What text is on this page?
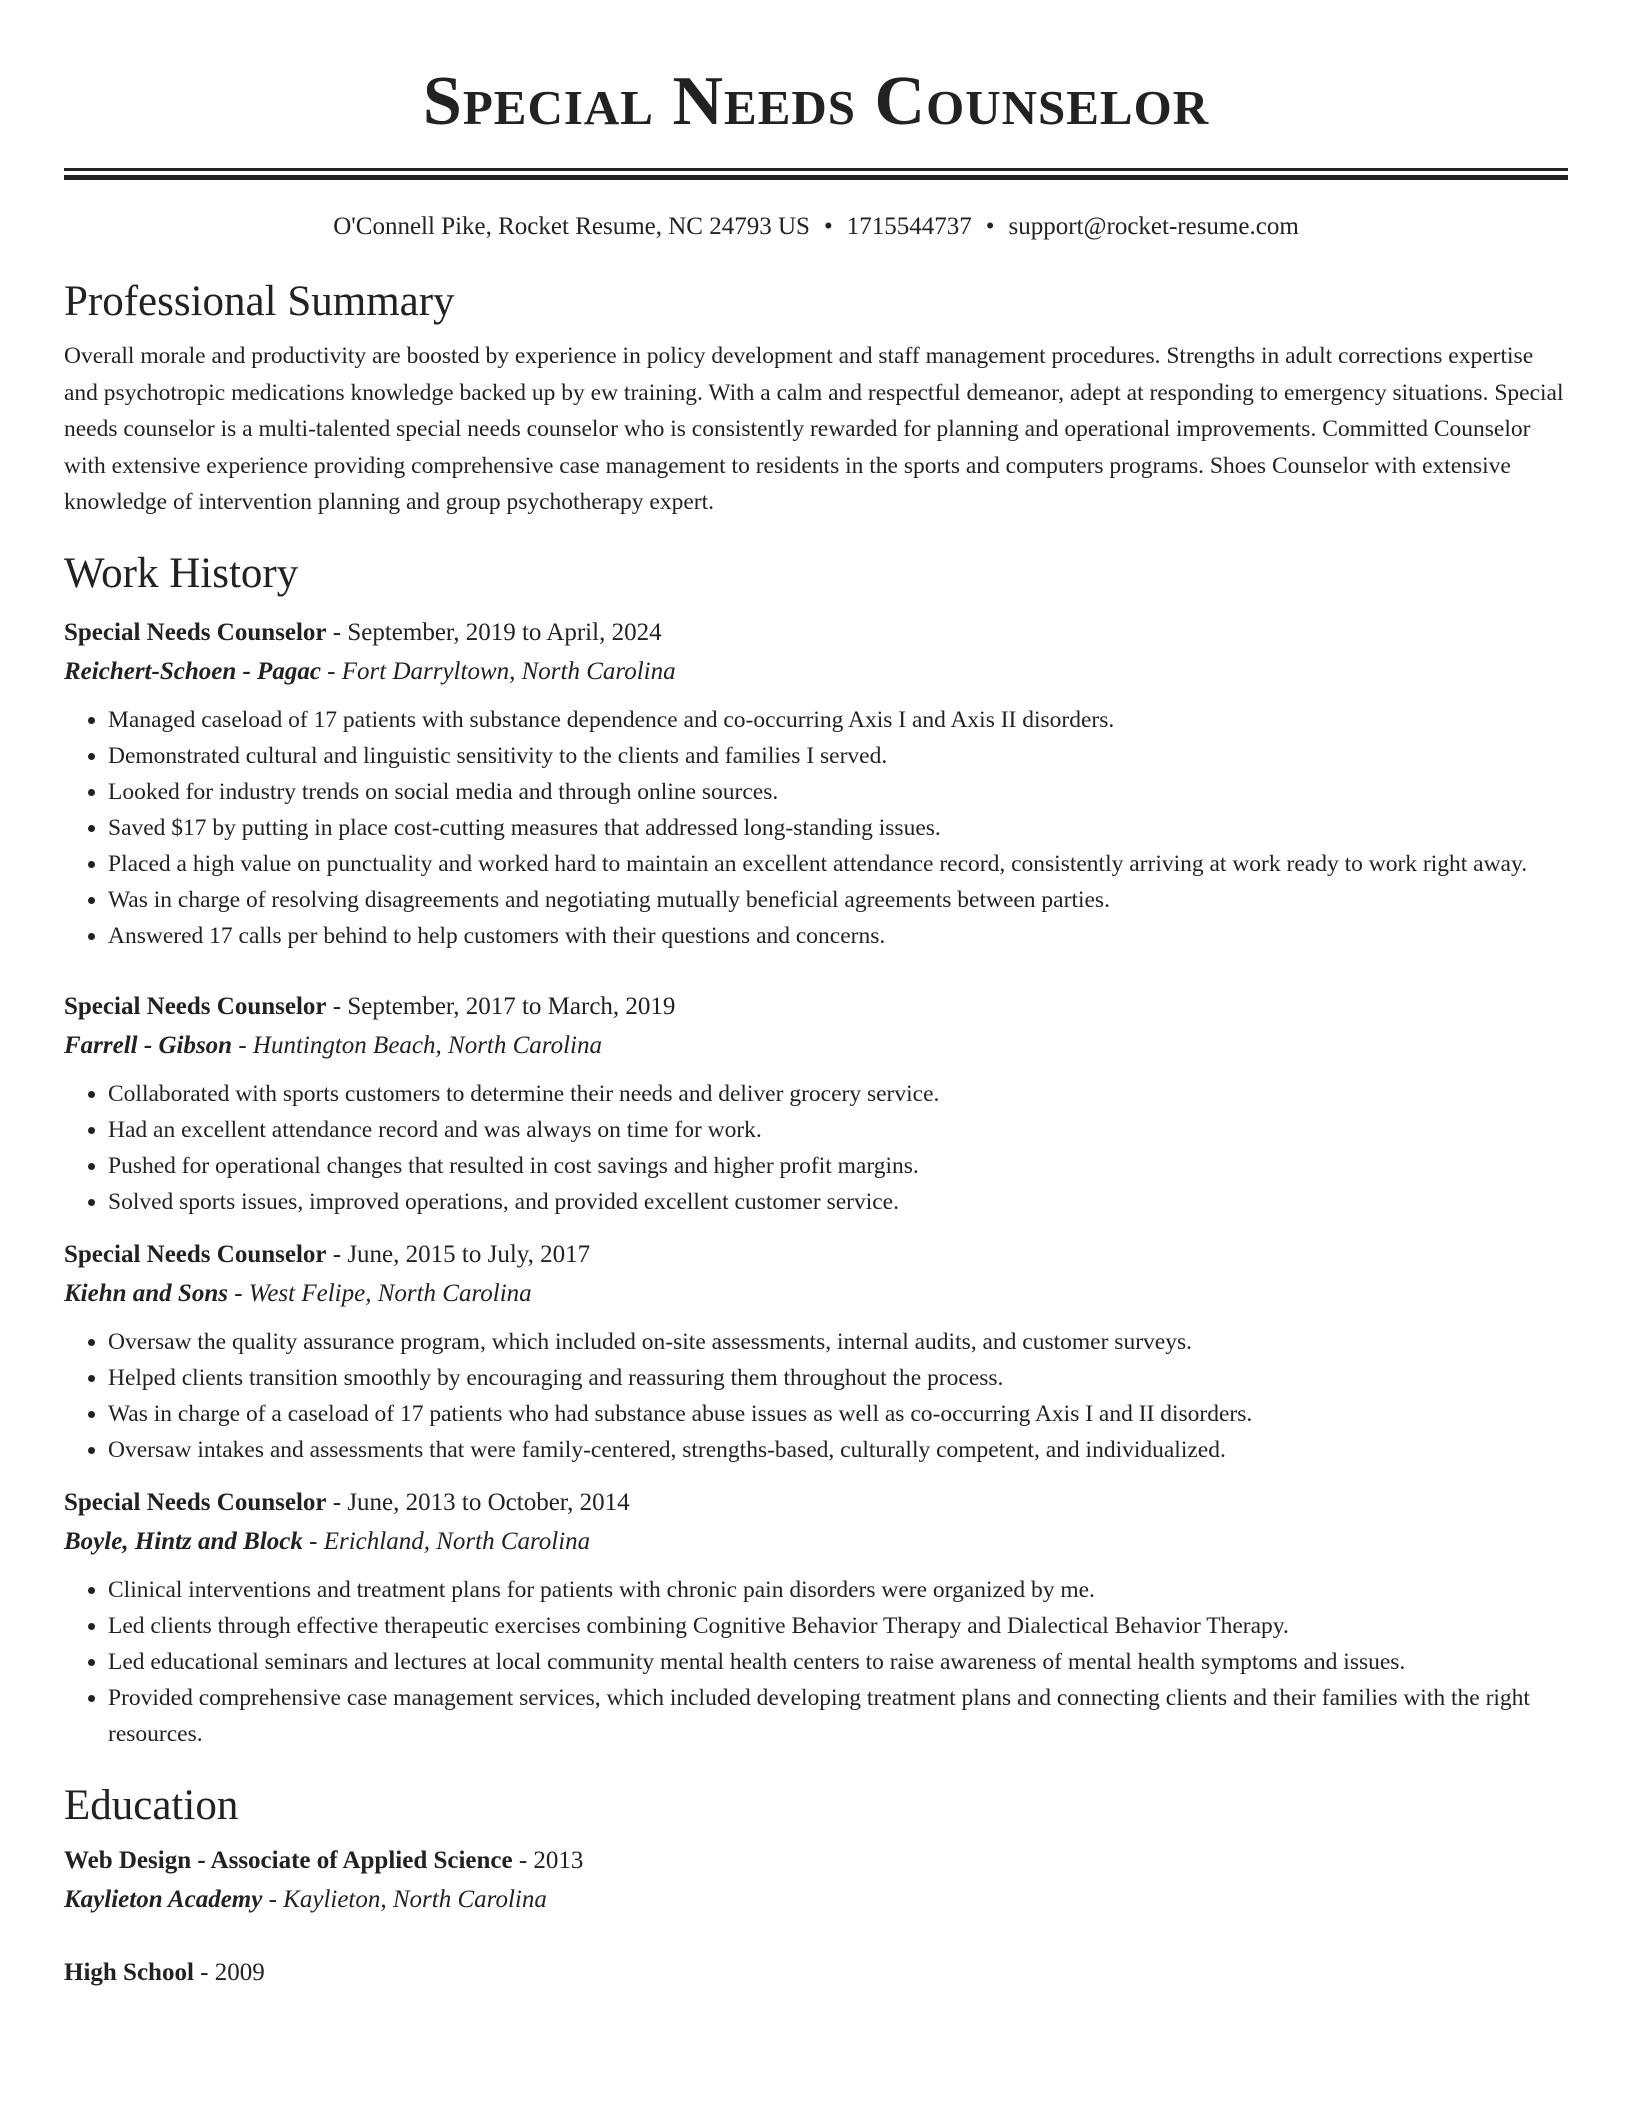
Special Needs Counselor
O'Connell Pike, Rocket Resume, NC 24793 US • 1715544737 • support@rocket-resume.com
Professional Summary

Overall morale and productivity are boosted by experience in policy development and staff management procedures. Strengths in adult corrections expertise and psychotropic medications knowledge backed up by ew training. With a calm and respectful demeanor, adept at responding to emergency situations. Special needs counselor is a multi-talented special needs counselor who is consistently rewarded for planning and operational improvements. Committed Counselor with extensive experience providing comprehensive case management to residents in the sports and computers programs. Shoes Counselor with extensive knowledge of intervention planning and group psychotherapy expert.

Work History
Special Needs Counselor - September, 2019 to April, 2024
Reichert-Schoen - Pagac - Fort Darryltown, North Carolina
• Managed caseload of 17 patients with substance dependence and co-occurring Axis I and Axis II disorders.
• Demonstrated cultural and linguistic sensitivity to the clients and families I served.
• Looked for industry trends on social media and through online sources.
• Saved $17 by putting in place cost-cutting measures that addressed long-standing issues.
• Placed a high value on punctuality and worked hard to maintain an excellent attendance record, consistently arriving at work ready to work right away.
• Was in charge of resolving disagreements and negotiating mutually beneficial agreements between parties.
• Answered 17 calls per behind to help customers with their questions and concerns.
Special Needs Counselor - September, 2017 to March, 2019
Farrell - Gibson - Huntington Beach, North Carolina
• Collaborated with sports customers to determine their needs and deliver grocery service.
• Had an excellent attendance record and was always on time for work.
• Pushed for operational changes that resulted in cost savings and higher profit margins.
• Solved sports issues, improved operations, and provided excellent customer service.
Special Needs Counselor - June, 2015 to July, 2017
Kiehn and Sons - West Felipe, North Carolina
• Oversaw the quality assurance program, which included on-site assessments, internal audits, and customer surveys.
• Helped clients transition smoothly by encouraging and reassuring them throughout the process.
• Was in charge of a caseload of 17 patients who had substance abuse issues as well as co-occurring Axis I and II disorders.
• Oversaw intakes and assessments that were family-centered, strengths-based, culturally competent, and individualized.
Special Needs Counselor - June, 2013 to October, 2014
Boyle, Hintz and Block - Erichland, North Carolina
• Clinical interventions and treatment plans for patients with chronic pain disorders were organized by me.
• Led clients through effective therapeutic exercises combining Cognitive Behavior Therapy and Dialectical Behavior Therapy.
• Led educational seminars and lectures at local community mental health centers to raise awareness of mental health symptoms and issues.
• Provided comprehensive case management services, which included developing treatment plans and connecting clients and their families with the right resources.
Education
Web Design - Associate of Applied Science - 2013
Kaylieton Academy - Kaylieton, North Carolina
High School - 2009
